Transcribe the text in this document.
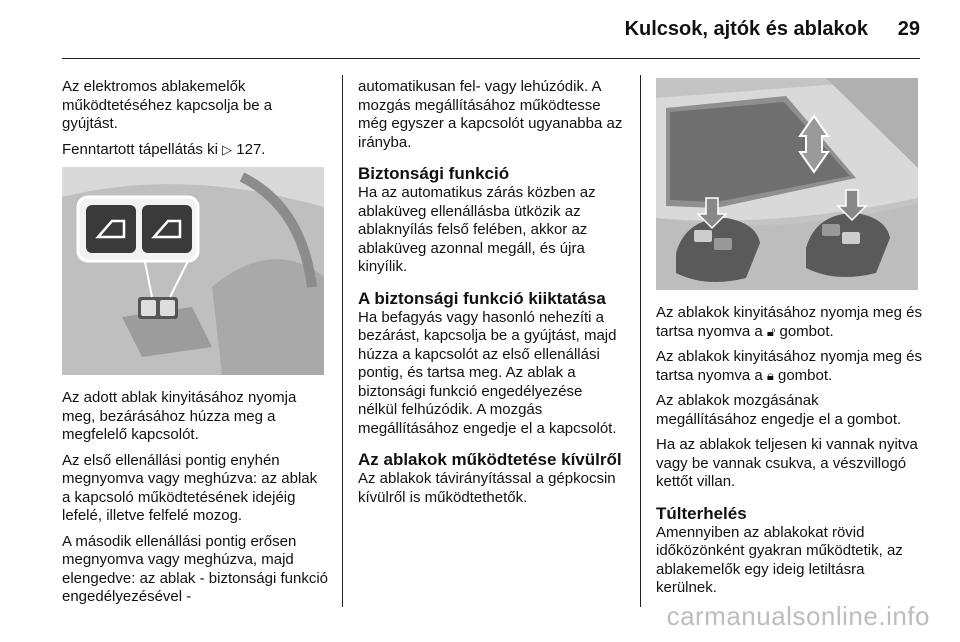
Kulcsok, ajtók és ablakok 29

Az elektromos ablakemelők működtetéséhez kapcsolja be a gyújtást.

Fenntartott tápellátás ki ▷ 127.

Az adott ablak kinyitásához nyomja meg, bezárásához húzza meg a megfelelő kapcsolót.

Az első ellenállási pontig enyhén megnyomva vagy meghúzva: az ablak a kapcsoló működtetésének idejéig lefelé, illetve felfelé mozog.

A második ellenállási pontig erősen megnyomva vagy meghúzva, majd elengedve: az ablak - biztonsági funkció engedélyezésével -

automatikusan fel- vagy lehúzódik. A mozgás megállításához működtesse még egyszer a kapcsolót ugyanabba az irányba.

Biztonsági funkció

Ha az automatikus zárás közben az ablaküveg ellenállásba ütközik az ablaknyílás felső felében, akkor az ablaküveg azonnal megáll, és újra kinyílik.

A biztonsági funkció kiiktatása

Ha befagyás vagy hasonló nehezíti a bezárást, kapcsolja be a gyújtást, majd húzza a kapcsolót az első ellenállási pontig, és tartsa meg. Az ablak a biztonsági funkció engedélyezése nélkül felhúzódik. A mozgás megállításához engedje el a kapcsolót.

Az ablakok működtetése kívülről

Az ablakok távirányítással a gépkocsin kívülről is működtethetők.

Az ablakok kinyitásához nyomja meg és tartsa nyomva a 🔓︎ gombot.

Az ablakok kinyitásához nyomja meg és tartsa nyomva a 🔒︎ gombot.

Az ablakok mozgásának megállításához engedje el a gombot.

Ha az ablakok teljesen ki vannak nyitva vagy be vannak csukva, a vészvillogó kettőt villan.

Túlterhelés

Amennyiben az ablakokat rövid időközönként gyakran működtetik, az ablakemelők egy ideig letiltásra kerülnek.

carmanualsonline.info
